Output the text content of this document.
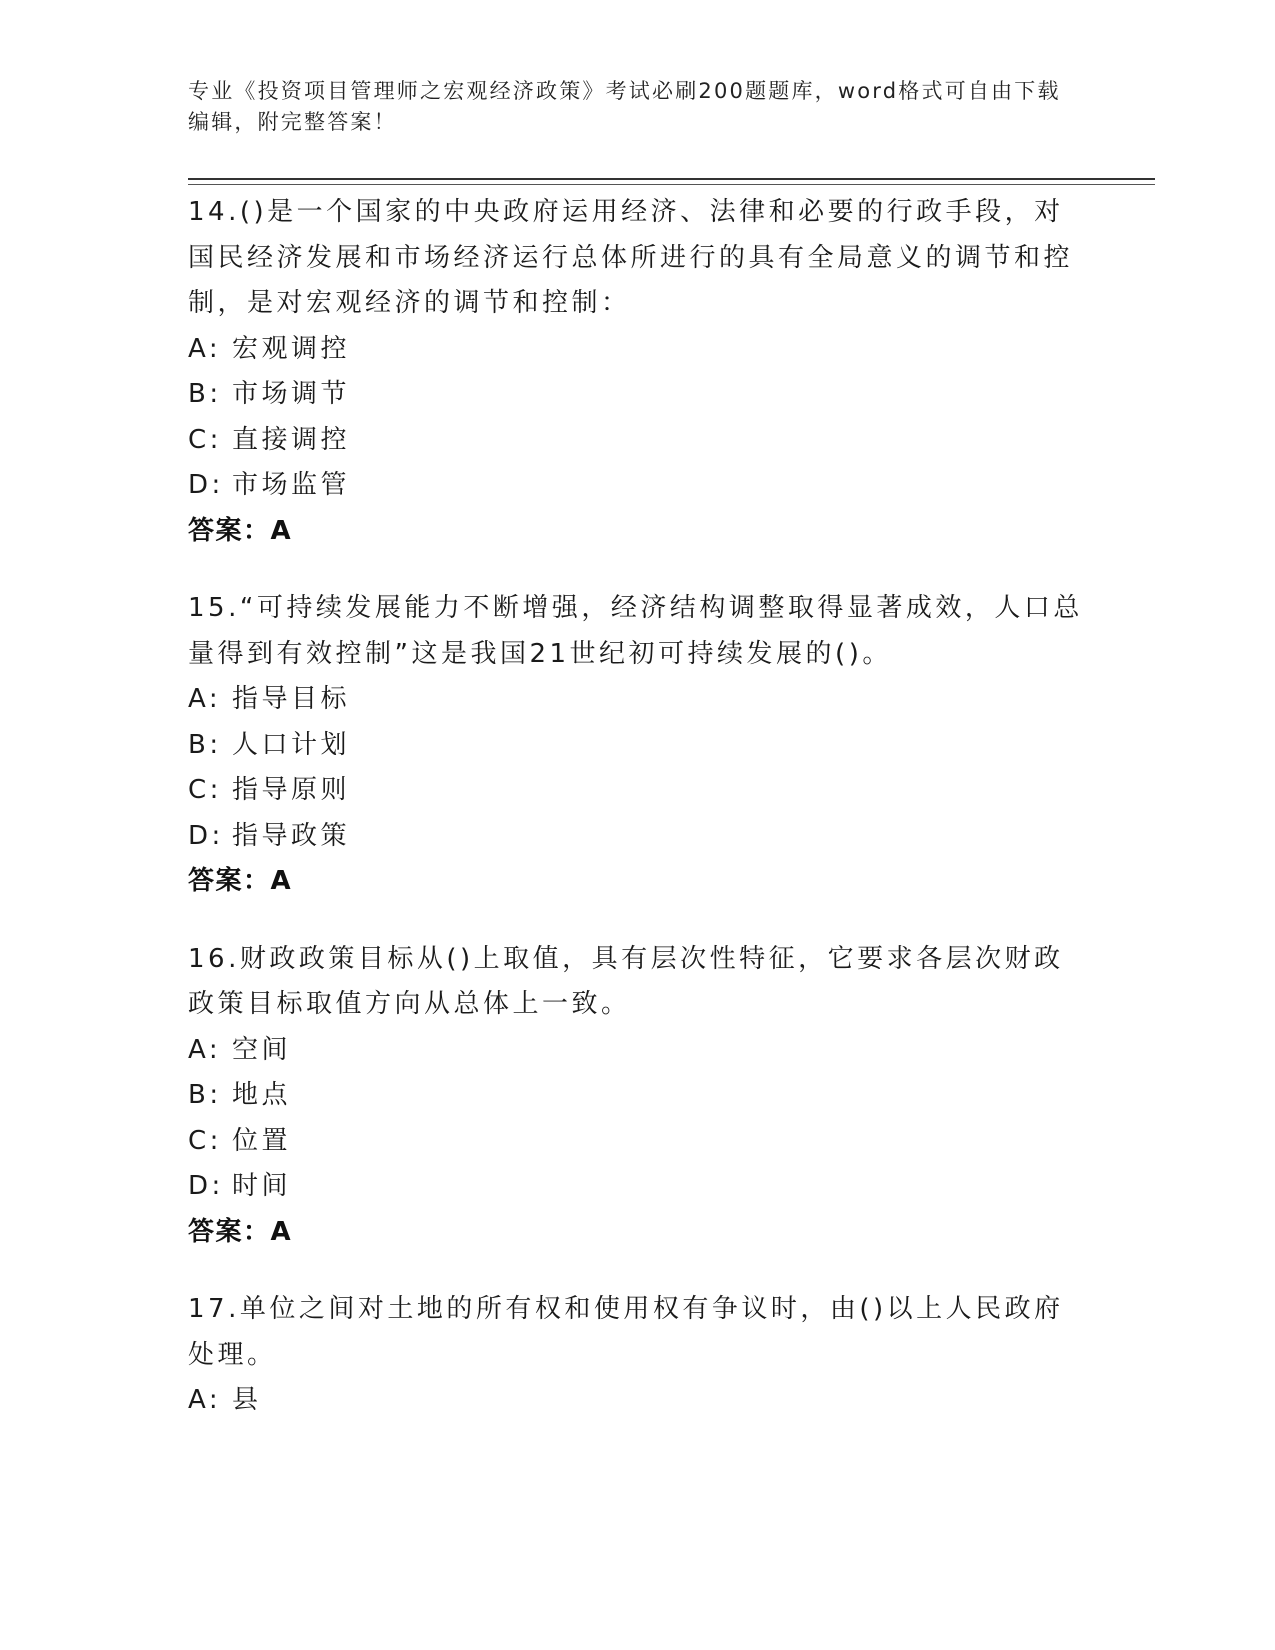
专业《投资项目管理师之宏观经济政策》考试必刷200题题库，word格式可自由下载编辑，附完整答案！
14.()是一个国家的中央政府运用经济、法律和必要的行政手段，对国民经济发展和市场经济运行总体所进行的具有全局意义的调节和控制，是对宏观经济的调节和控制：
A: 宏观调控
B: 市场调节
C: 直接调控
D: 市场监管
答案：A
15.“可持续发展能力不断增强，经济结构调整取得显著成效，人口总量得到有效控制”这是我国21世纪初可持续发展的()。
A: 指导目标
B: 人口计划
C: 指导原则
D: 指导政策
答案：A
16.财政政策目标从()上取值，具有层次性特征，它要求各层次财政政策目标取值方向从总体上一致。
A: 空间
B: 地点
C: 位置
D: 时间
答案：A
17.单位之间对土地的所有权和使用权有争议时，由()以上人民政府处理。
A: 县
